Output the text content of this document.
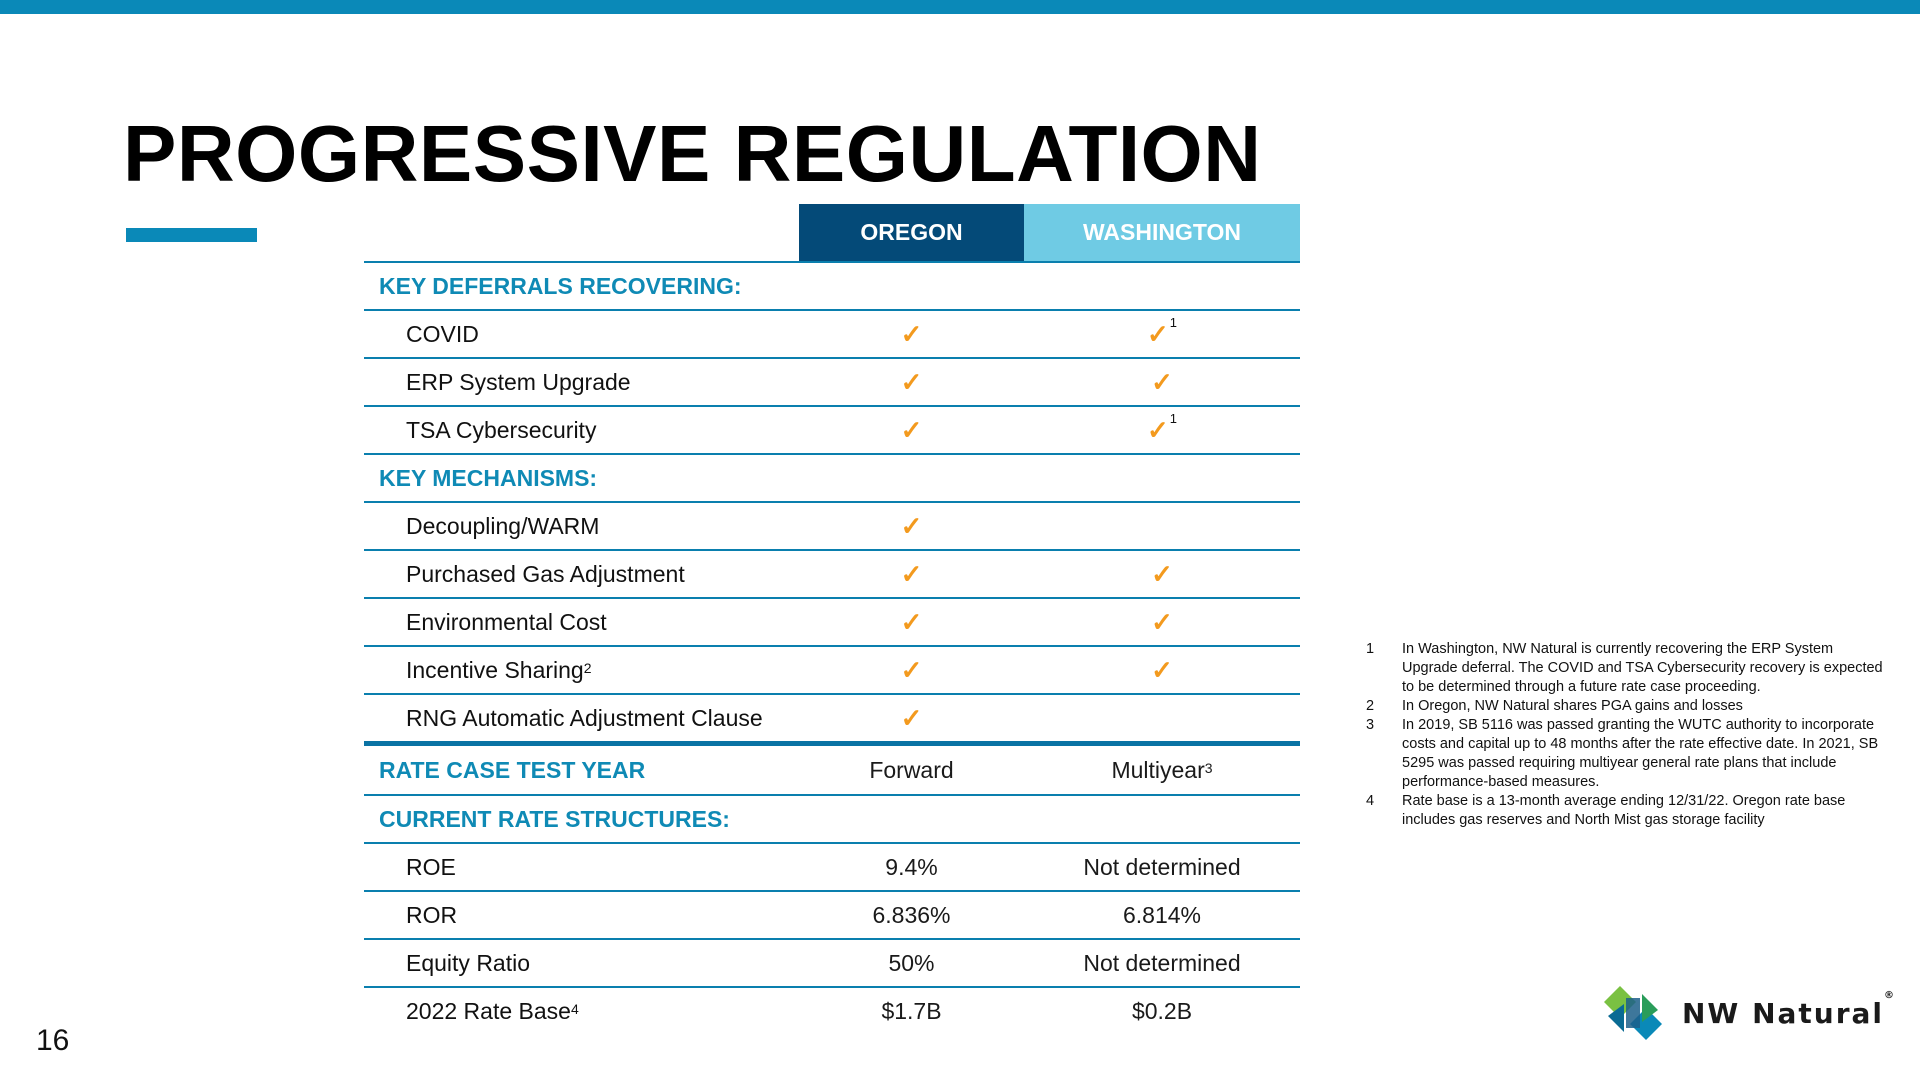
PROGRESSIVE REGULATION
OREGON	WASHINGTON
KEY DEFERRALS RECOVERING:
COVID	✓	✓$^1$
ERP System Upgrade	✓	✓
TSA Cybersecurity	✓	✓$^1$
KEY MECHANISMS:
Decoupling/WARM	✓
Purchased Gas Adjustment	✓	✓
Environmental Cost	✓	✓
Incentive Sharing$^2$	✓	✓
RNG Automatic Adjustment Clause	✓
RATE CASE TEST YEAR	Forward	Multiyear$^3$
CURRENT RATE STRUCTURES:
ROE	9.4%	Not determined
ROR	6.836%	6.814%
Equity Ratio	50%	Not determined
2022 Rate Base$^4$	$1.7B	$0.2B
1	In Washington, NW Natural is currently recovering the ERP System Upgrade deferral. The COVID and TSA Cybersecurity recovery is expected to be determined through a future rate case proceeding.
2	In Oregon, NW Natural shares PGA gains and losses
3	In 2019, SB 5116 was passed granting the WUTC authority to incorporate costs and capital up to 48 months after the rate effective date. In 2021, SB 5295 was passed requiring multiyear general rate plans that include performance-based measures.
4	Rate base is a 13-month average ending 12/31/22. Oregon rate base includes gas reserves and North Mist gas storage facility
16
NW Natural®
